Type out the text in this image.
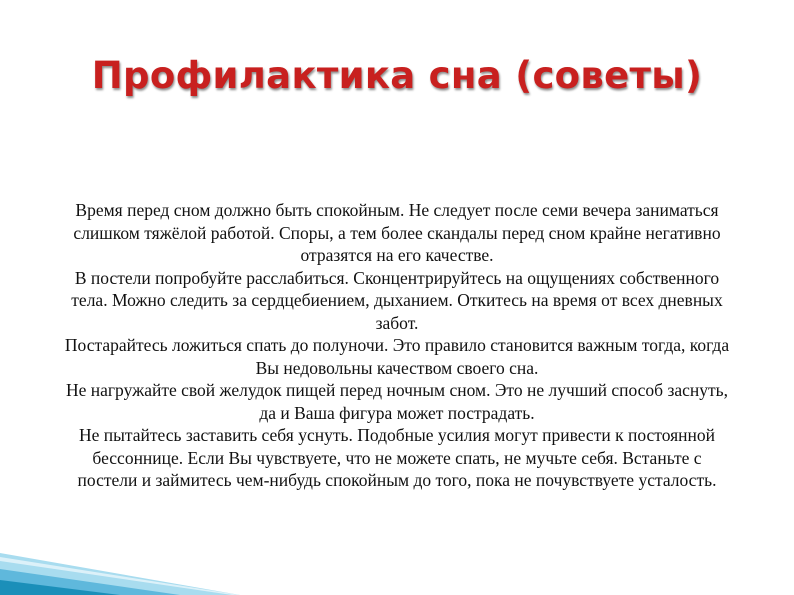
Профилактика сна (советы)

Время перед сном должно быть спокойным. Не следует после семи вечера заниматься слишком тяжёлой работой. Споры, а тем более скандалы перед сном крайне негативно отразятся на его качестве.

В постели попробуйте расслабиться. Сконцентрируйтесь на ощущениях собственного тела. Можно следить за сердцебиением, дыханием. Откитесь на время от всех дневных забот.

Постарайтесь ложиться спать до полуночи. Это правило становится важным тогда, когда Вы недовольны качеством своего сна.

Не нагружайте свой желудок пищей перед ночным сном. Это не лучший способ заснуть, да и Ваша фигура может пострадать.

Не пытайтесь заставить себя уснуть. Подобные усилия могут привести к постоянной бессоннице. Если Вы чувствуете, что не можете спать, не мучьте себя. Встаньте с постели и займитесь чем-нибудь спокойным до того, пока не почувствуете усталость.
